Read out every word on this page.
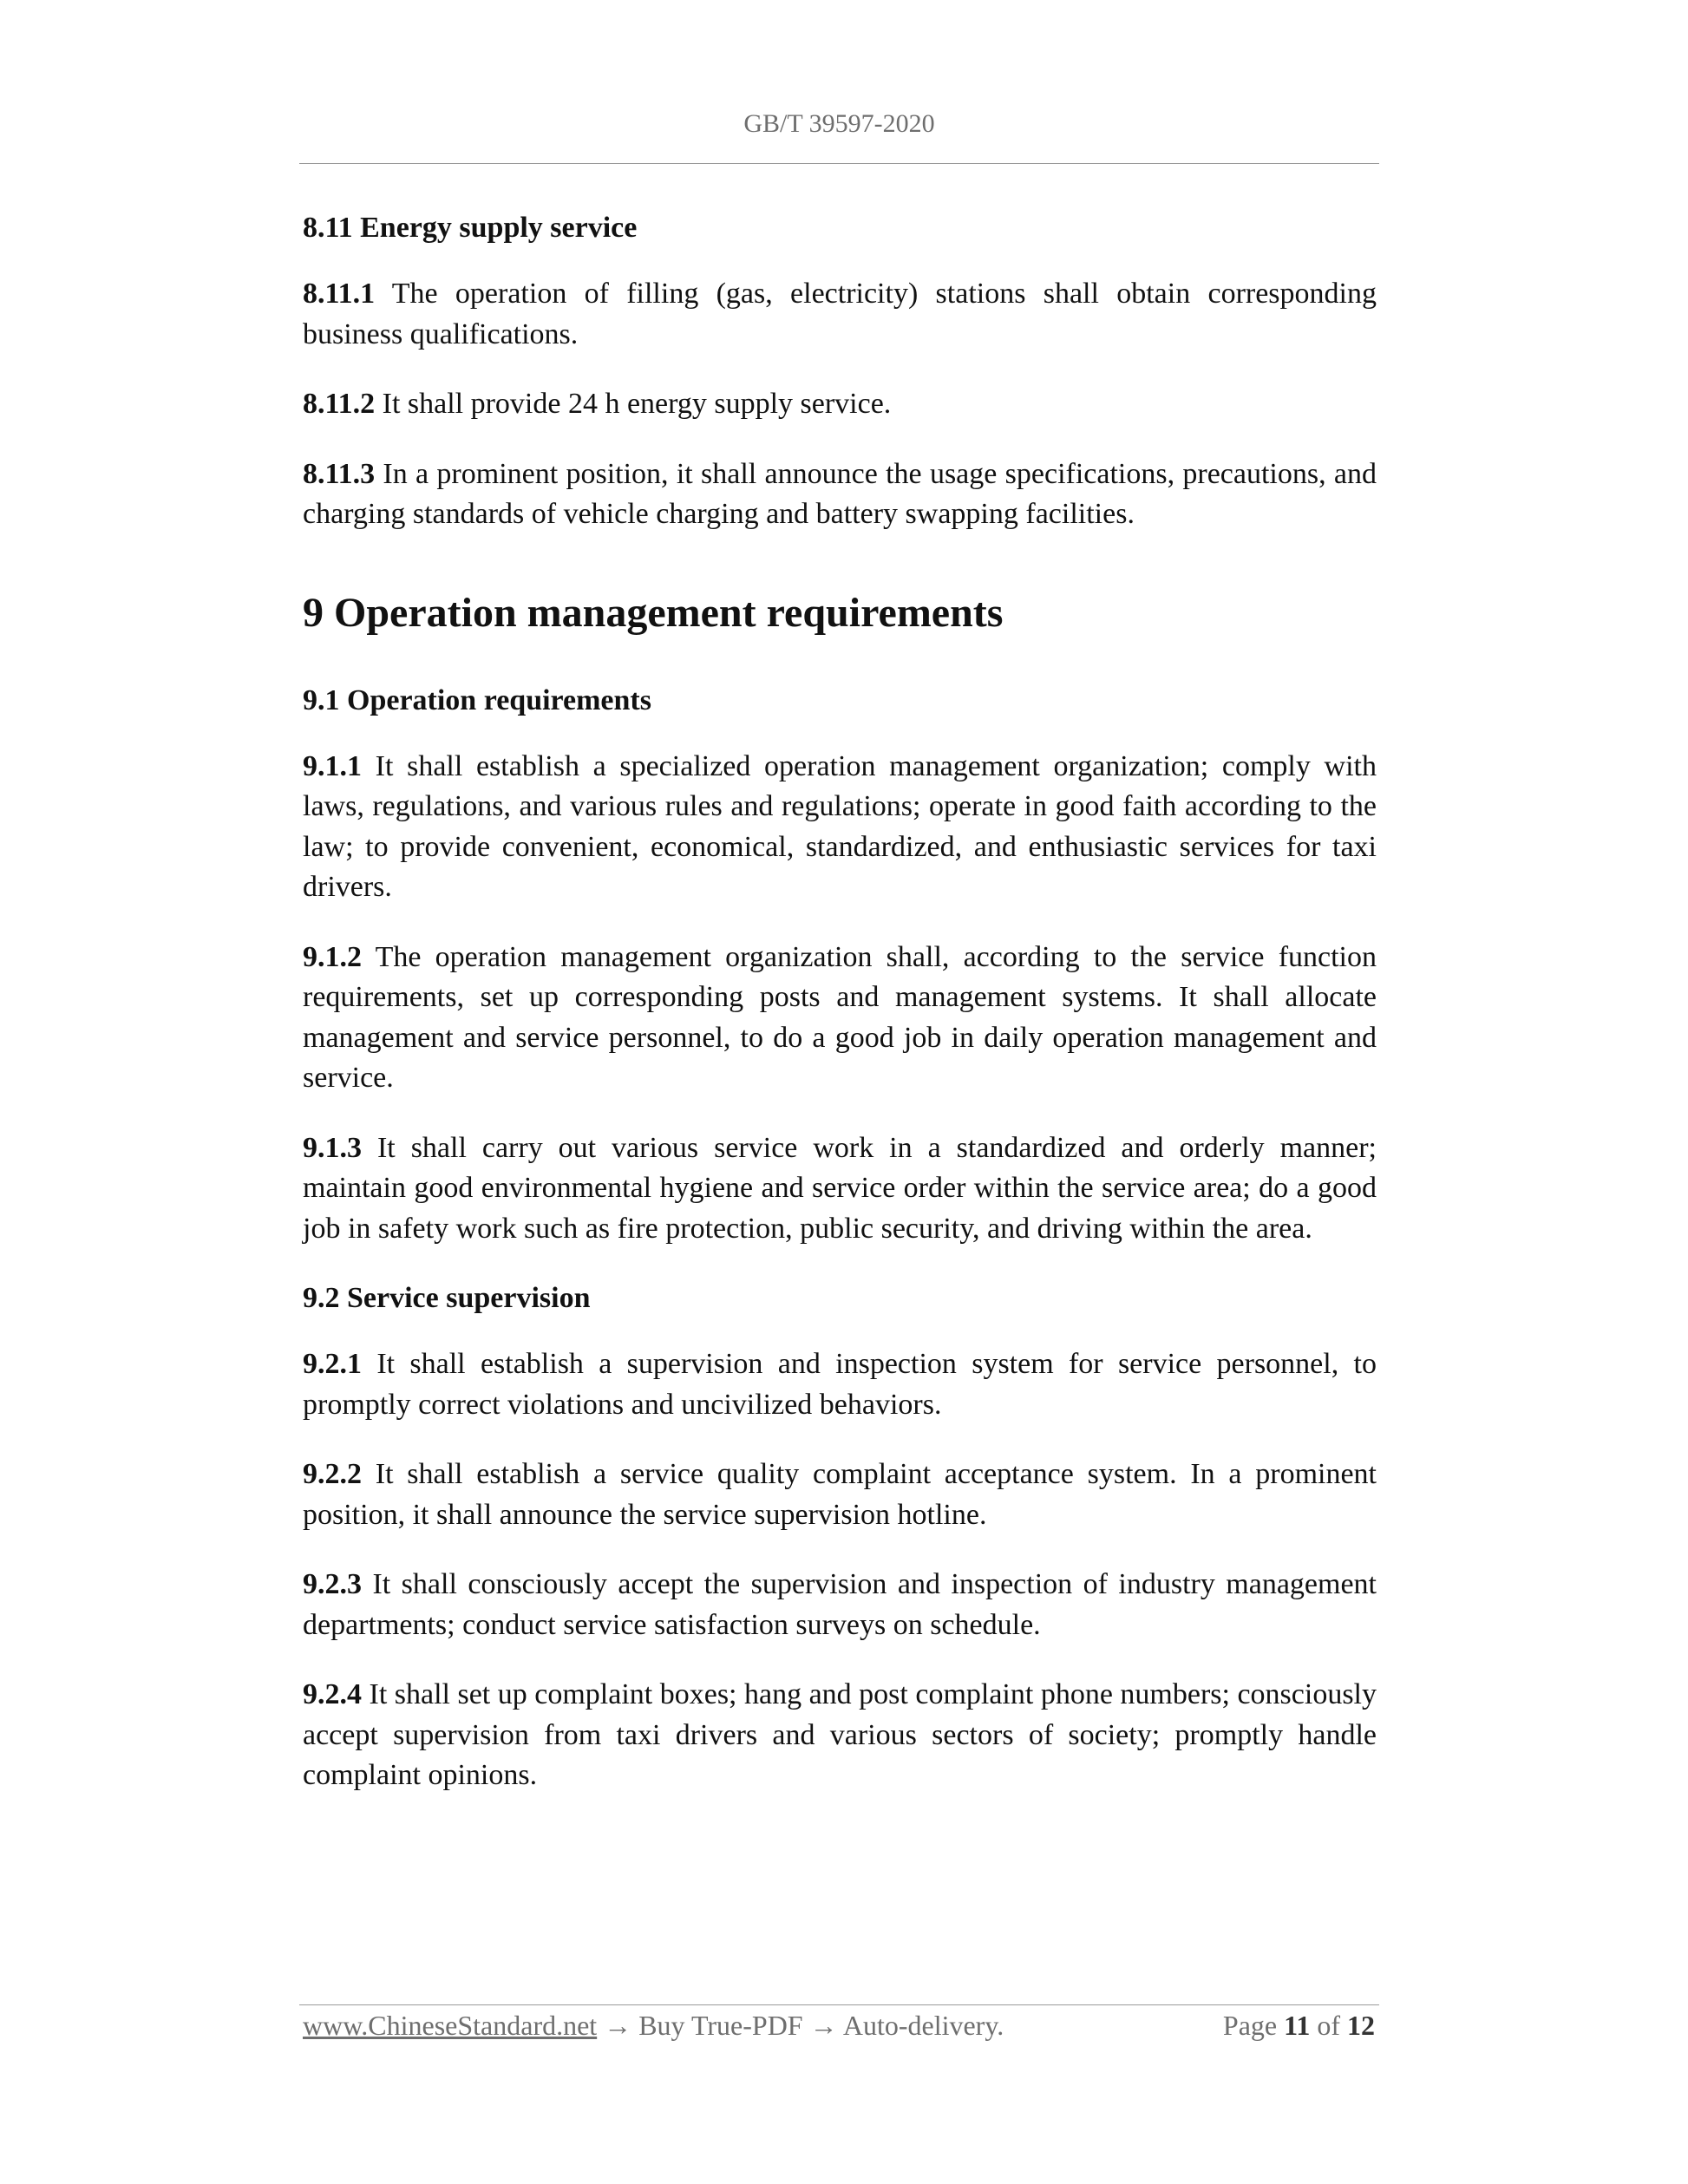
GB/T 39597-2020
8.11 Energy supply service

8.11.1 The operation of filling (gas, electricity) stations shall obtain corresponding business qualifications.

8.11.2 It shall provide 24 h energy supply service.

8.11.3 In a prominent position, it shall announce the usage specifications, precautions, and charging standards of vehicle charging and battery swapping facilities.

9 Operation management requirements
9.1 Operation requirements

9.1.1 It shall establish a specialized operation management organization; comply with laws, regulations, and various rules and regulations; operate in good faith according to the law; to provide convenient, economical, standardized, and enthusiastic services for taxi drivers.

9.1.2 The operation management organization shall, according to the service function requirements, set up corresponding posts and management systems. It shall allocate management and service personnel, to do a good job in daily operation management and service.

9.1.3 It shall carry out various service work in a standardized and orderly manner; maintain good environmental hygiene and service order within the service area; do a good job in safety work such as fire protection, public security, and driving within the area.

9.2 Service supervision

9.2.1 It shall establish a supervision and inspection system for service personnel, to promptly correct violations and uncivilized behaviors.

9.2.2 It shall establish a service quality complaint acceptance system. In a prominent position, it shall announce the service supervision hotline.

9.2.3 It shall consciously accept the supervision and inspection of industry management departments; conduct service satisfaction surveys on schedule.

9.2.4 It shall set up complaint boxes; hang and post complaint phone numbers; consciously accept supervision from taxi drivers and various sectors of society; promptly handle complaint opinions.

www.ChineseStandard.net → Buy True-PDF → Auto-delivery.	Page 11 of 12
